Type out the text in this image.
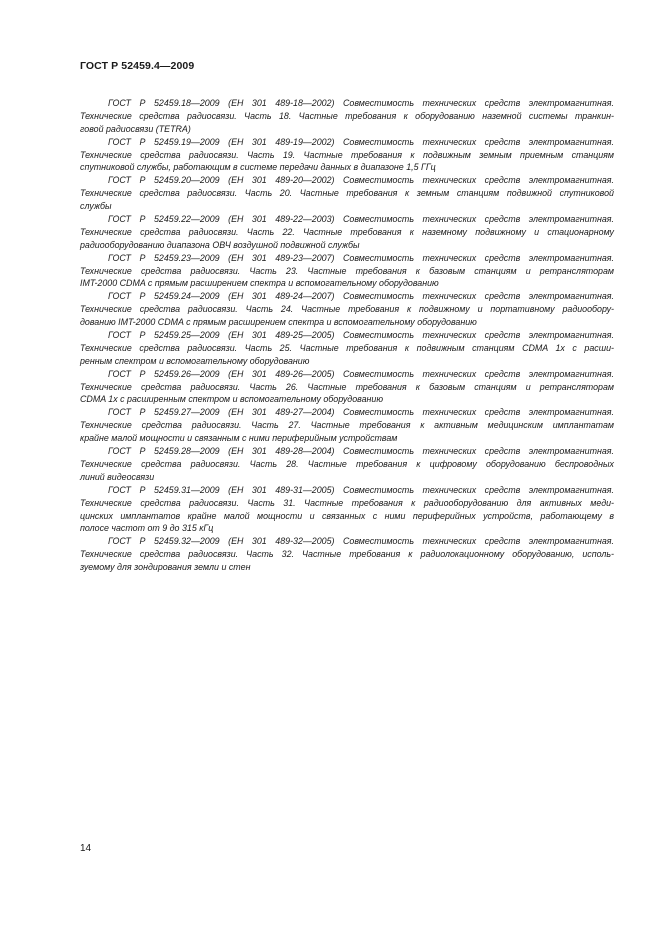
ГОСТ Р 52459.4—2009
ГОСТ Р 52459.18—2009 (ЕН 301 489-18—2002) Совместимость технических средств электромагнитная.
Технические средства радиосвязи. Часть 18. Частные требования к оборудованию наземной системы транкин-
говой радиосвязи (TETRA)
ГОСТ Р 52459.19—2009 (ЕН 301 489-19—2002) Совместимость технических средств электромагнитная.
Технические средства радиосвязи. Часть 19. Частные требования к подвижным земным приемным станциям
спутниковой службы, работающим в системе передачи данных в диапазоне 1,5 ГГц
ГОСТ Р 52459.20—2009 (ЕН 301 489-20—2002) Совместимость технических средств электромагнитная.
Технические средства радиосвязи. Часть 20. Частные требования к земным станциям подвижной спутниковой
службы
ГОСТ Р 52459.22—2009 (ЕН 301 489-22—2003) Совместимость технических средств электромагнитная.
Технические средства радиосвязи. Часть 22. Частные требования к наземному подвижному и стационарному
радиооборудованию диапазона ОВЧ воздушной подвижной службы
ГОСТ Р 52459.23—2009 (ЕН 301 489-23—2007) Совместимость технических средств электромагнитная.
Технические средства радиосвязи. Часть 23. Частные требования к базовым станциям и ретрансляторам
IMT-2000 CDMA с прямым расширением спектра и вспомогательному оборудованию
ГОСТ Р 52459.24—2009 (ЕН 301 489-24—2007) Совместимость технических средств электромагнитная.
Технические средства радиосвязи. Часть 24. Частные требования к подвижному и портативному радиообору-
дованию IMT-2000 CDMA с прямым расширением спектра и вспомогательному оборудованию
ГОСТ Р 52459.25—2009 (ЕН 301 489-25—2005) Совместимость технических средств электромагнитная.
Технические средства радиосвязи. Часть 25. Частные требования к подвижным станциям CDMA 1x с расши-
ренным спектром и вспомогательному оборудованию
ГОСТ Р 52459.26—2009 (ЕН 301 489-26—2005) Совместимость технических средств электромагнитная.
Технические средства радиосвязи. Часть 26. Частные требования к базовым станциям и ретрансляторам
CDMA 1x с расширенным спектром и вспомогательному оборудованию
ГОСТ Р 52459.27—2009 (ЕН 301 489-27—2004) Совместимость технических средств электромагнитная.
Технические средства радиосвязи. Часть 27. Частные требования к активным медицинским имплантатам
крайне малой мощности и связанным с ними периферийным устройствам
ГОСТ Р 52459.28—2009 (ЕН 301 489-28—2004) Совместимость технических средств электромагнитная.
Технические средства радиосвязи. Часть 28. Частные требования к цифровому оборудованию беспроводных
линий видеосвязи
ГОСТ Р 52459.31—2009 (ЕН 301 489-31—2005) Совместимость технических средств электромагнитная.
Технические средства радиосвязи. Часть 31. Частные требования к радиооборудованию для активных меди-
цинских имплантатов крайне малой мощности и связанных с ними периферийных устройств, работающему в
полосе частот от 9 до 315 кГц
ГОСТ Р 52459.32—2009 (ЕН 301 489-32—2005) Совместимость технических средств электромагнитная.
Технические средства радиосвязи. Часть 32. Частные требования к радиолокационному оборудованию, исполь-
зуемому для зондирования земли и стен
14
